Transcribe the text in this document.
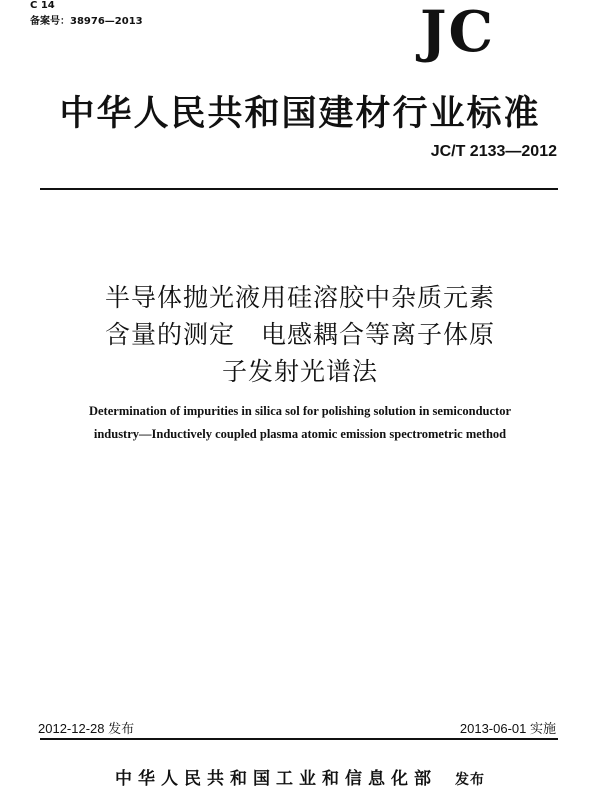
C 14
备案号：38976—2013	JC
中华人民共和国建材行业标准
JC/T 2133—2012
半导体抛光液用硅溶胶中杂质元素
含量的测定　电感耦合等离子体原
子发射光谱法
Determination of impurities in silica sol for polishing solution in semiconductor
industry—Inductively coupled plasma atomic emission spectrometric method
2012-12-28 发布	2013-06-01 实施
中华人民共和国工业和信息化部 发布
